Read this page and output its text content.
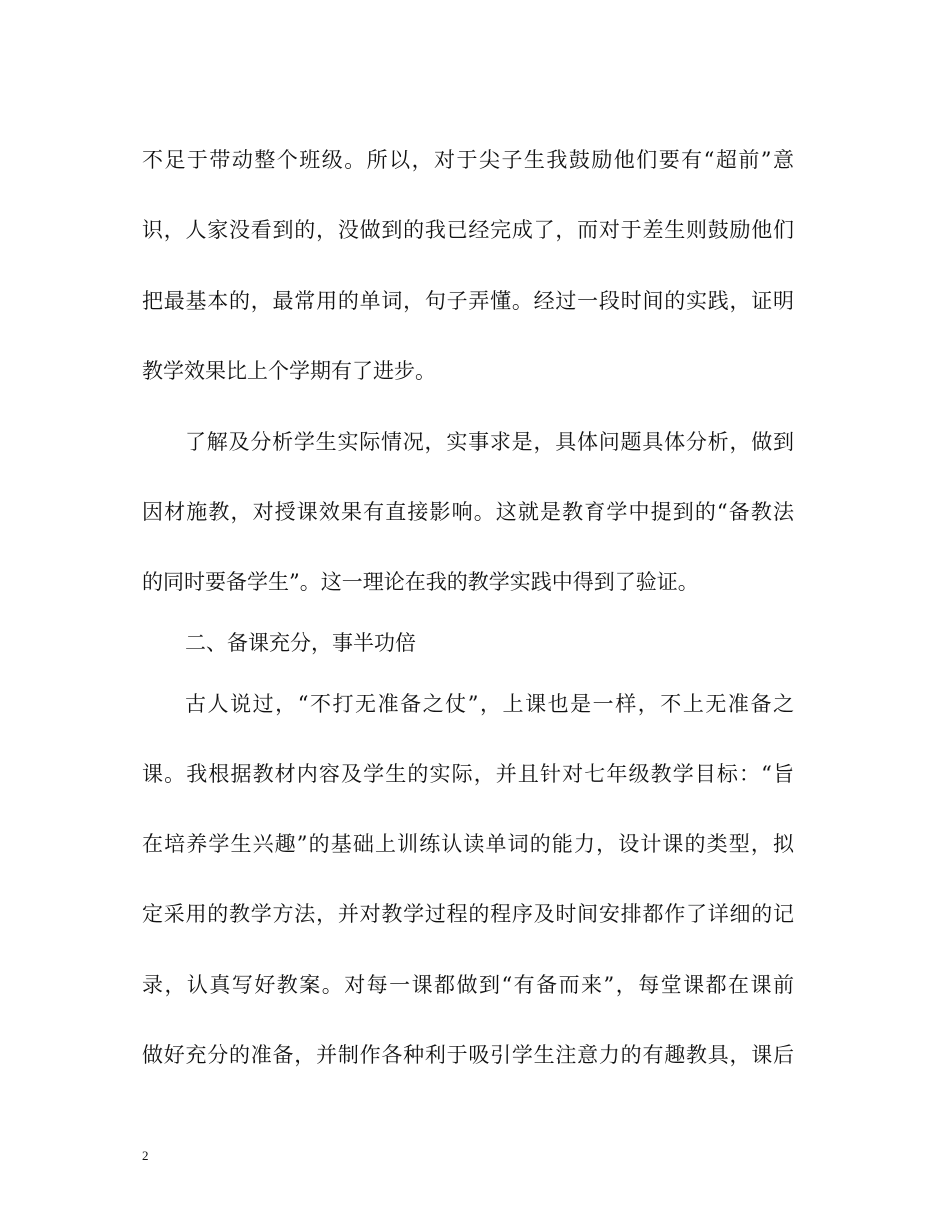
不足于带动整个班级。所以，对于尖子生我鼓励他们要有“超前”意
识，人家没看到的，没做到的我已经完成了，而对于差生则鼓励他们
把最基本的，最常用的单词，句子弄懂。经过一段时间的实践，证明
教学效果比上个学期有了进步。
了解及分析学生实际情况，实事求是，具体问题具体分析，做到
因材施教，对授课效果有直接影响。这就是教育学中提到的“备教法
的同时要备学生”。这一理论在我的教学实践中得到了验证。
二、备课充分，事半功倍
古人说过，“不打无准备之仗”，上课也是一样，不上无准备之
课。我根据教材内容及学生的实际，并且针对七年级教学目标：“旨
在培养学生兴趣”的基础上训练认读单词的能力，设计课的类型，拟
定采用的教学方法，并对教学过程的程序及时间安排都作了详细的记
录，认真写好教案。对每一课都做到“有备而来”，每堂课都在课前
做好充分的准备，并制作各种利于吸引学生注意力的有趣教具，课后
2
